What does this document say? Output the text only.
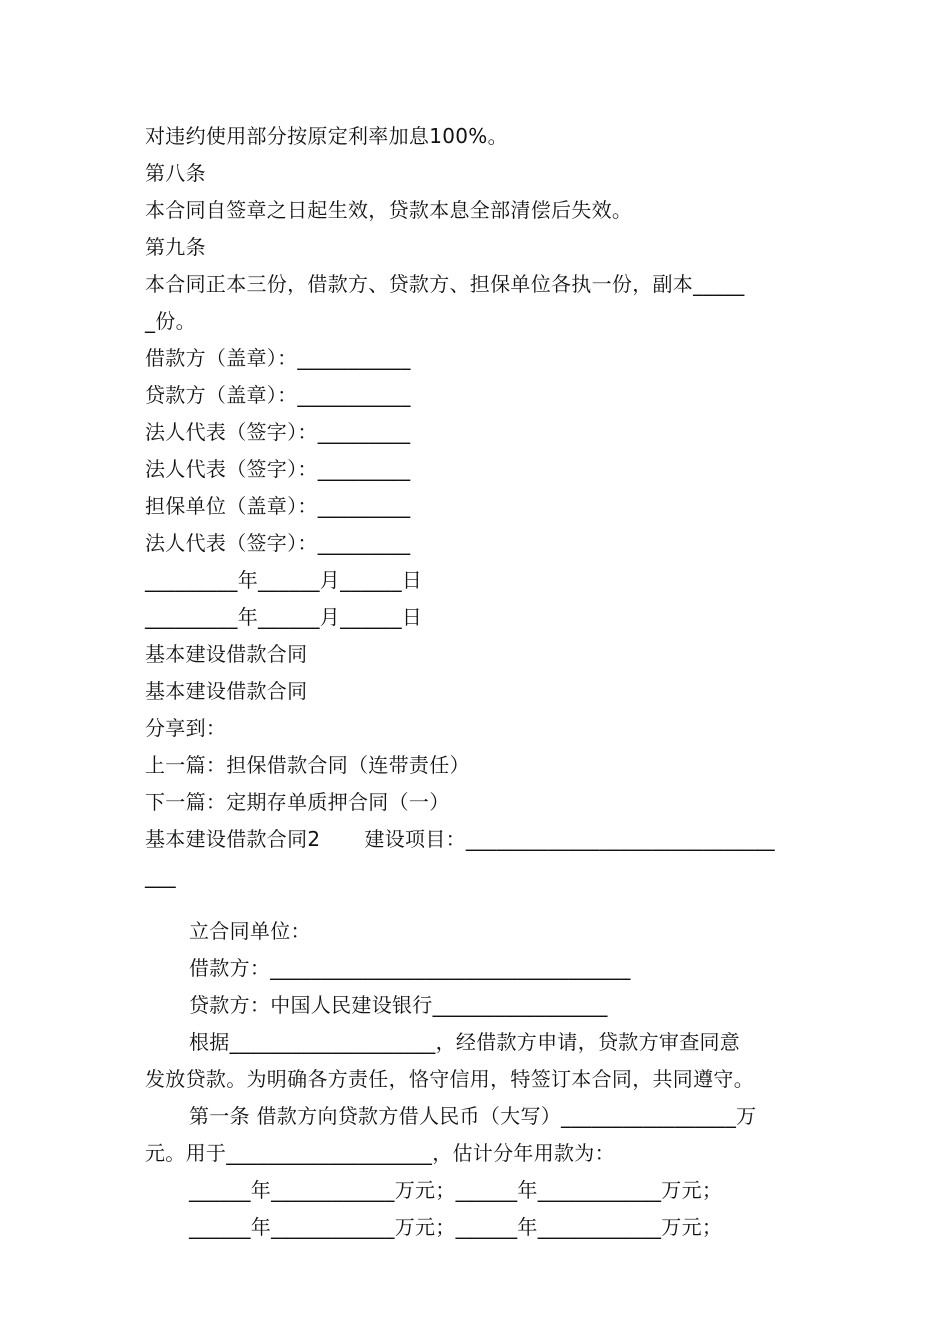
对违约使用部分按原定利率加息100%。
第八条
本合同自签章之日起生效，贷款本息全部清偿后失效。
第九条
本合同正本三份，借款方、贷款方、担保单位各执一份，副本_____
_份。
借款方（盖章）：___________
贷款方（盖章）：___________
法人代表（签字）：_________
法人代表（签字）：_________
担保单位（盖章）：_________
法人代表（签字）：_________
_________年______月______日
_________年______月______日
基本建设借款合同
基本建设借款合同
分享到：
上一篇：担保借款合同（连带责任）
下一篇：定期存单质押合同（一）
基本建设借款合同2 建设项目：______________________________
___
立合同单位：
借款方：___________________________________
贷款方：中国人民建设银行_________________
根据____________________，经借款方申请，贷款方审查同意
发放贷款。为明确各方责任，恪守信用，特签订本合同，共同遵守。
第一条 借款方向贷款方借人民币（大写）_________________万
元。用于____________________，估计分年用款为：
______年____________万元；______年____________万元；
______年____________万元；______年____________万元；
